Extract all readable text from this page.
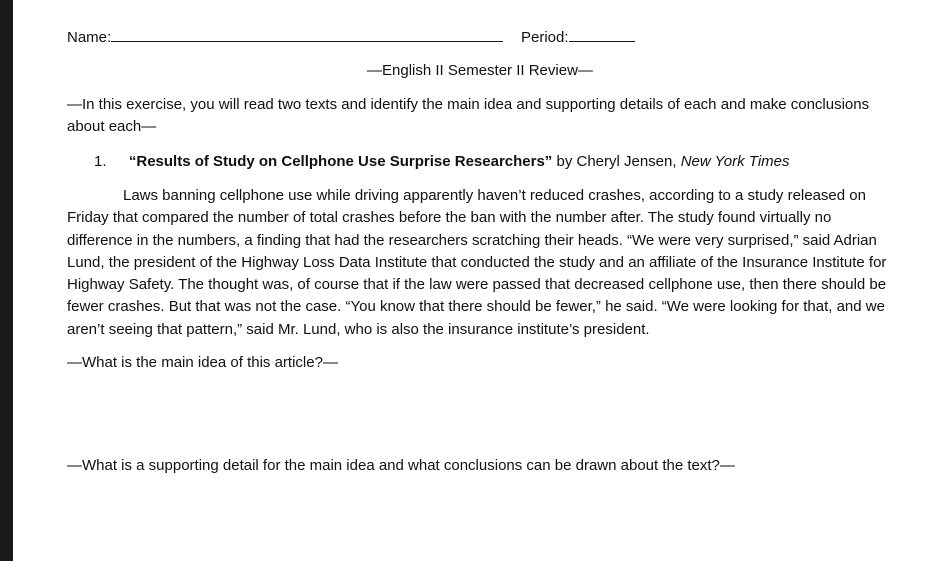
Name:	Period:
—English II Semester II Review—
—In this exercise, you will read two texts and identify the main idea and supporting details of each and make conclusions about each—
1. “Results of Study on Cellphone Use Surprise Researchers” by Cheryl Jensen, New York Times
Laws banning cellphone use while driving apparently haven’t reduced crashes, according to a study released on Friday that compared the number of total crashes before the ban with the number after. The study found virtually no difference in the numbers, a finding that had the researchers scratching their heads. “We were very surprised,” said Adrian Lund, the president of the Highway Loss Data Institute that conducted the study and an affiliate of the Insurance Institute for Highway Safety. The thought was, of course that if the law were passed that decreased cellphone use, then there should be fewer crashes. But that was not the case. “You know that there should be fewer,” he said. “We were looking for that, and we aren’t seeing that pattern,” said Mr. Lund, who is also the insurance institute’s president.
—What is the main idea of this article?—
—What is a supporting detail for the main idea and what conclusions can be drawn about the text?—
